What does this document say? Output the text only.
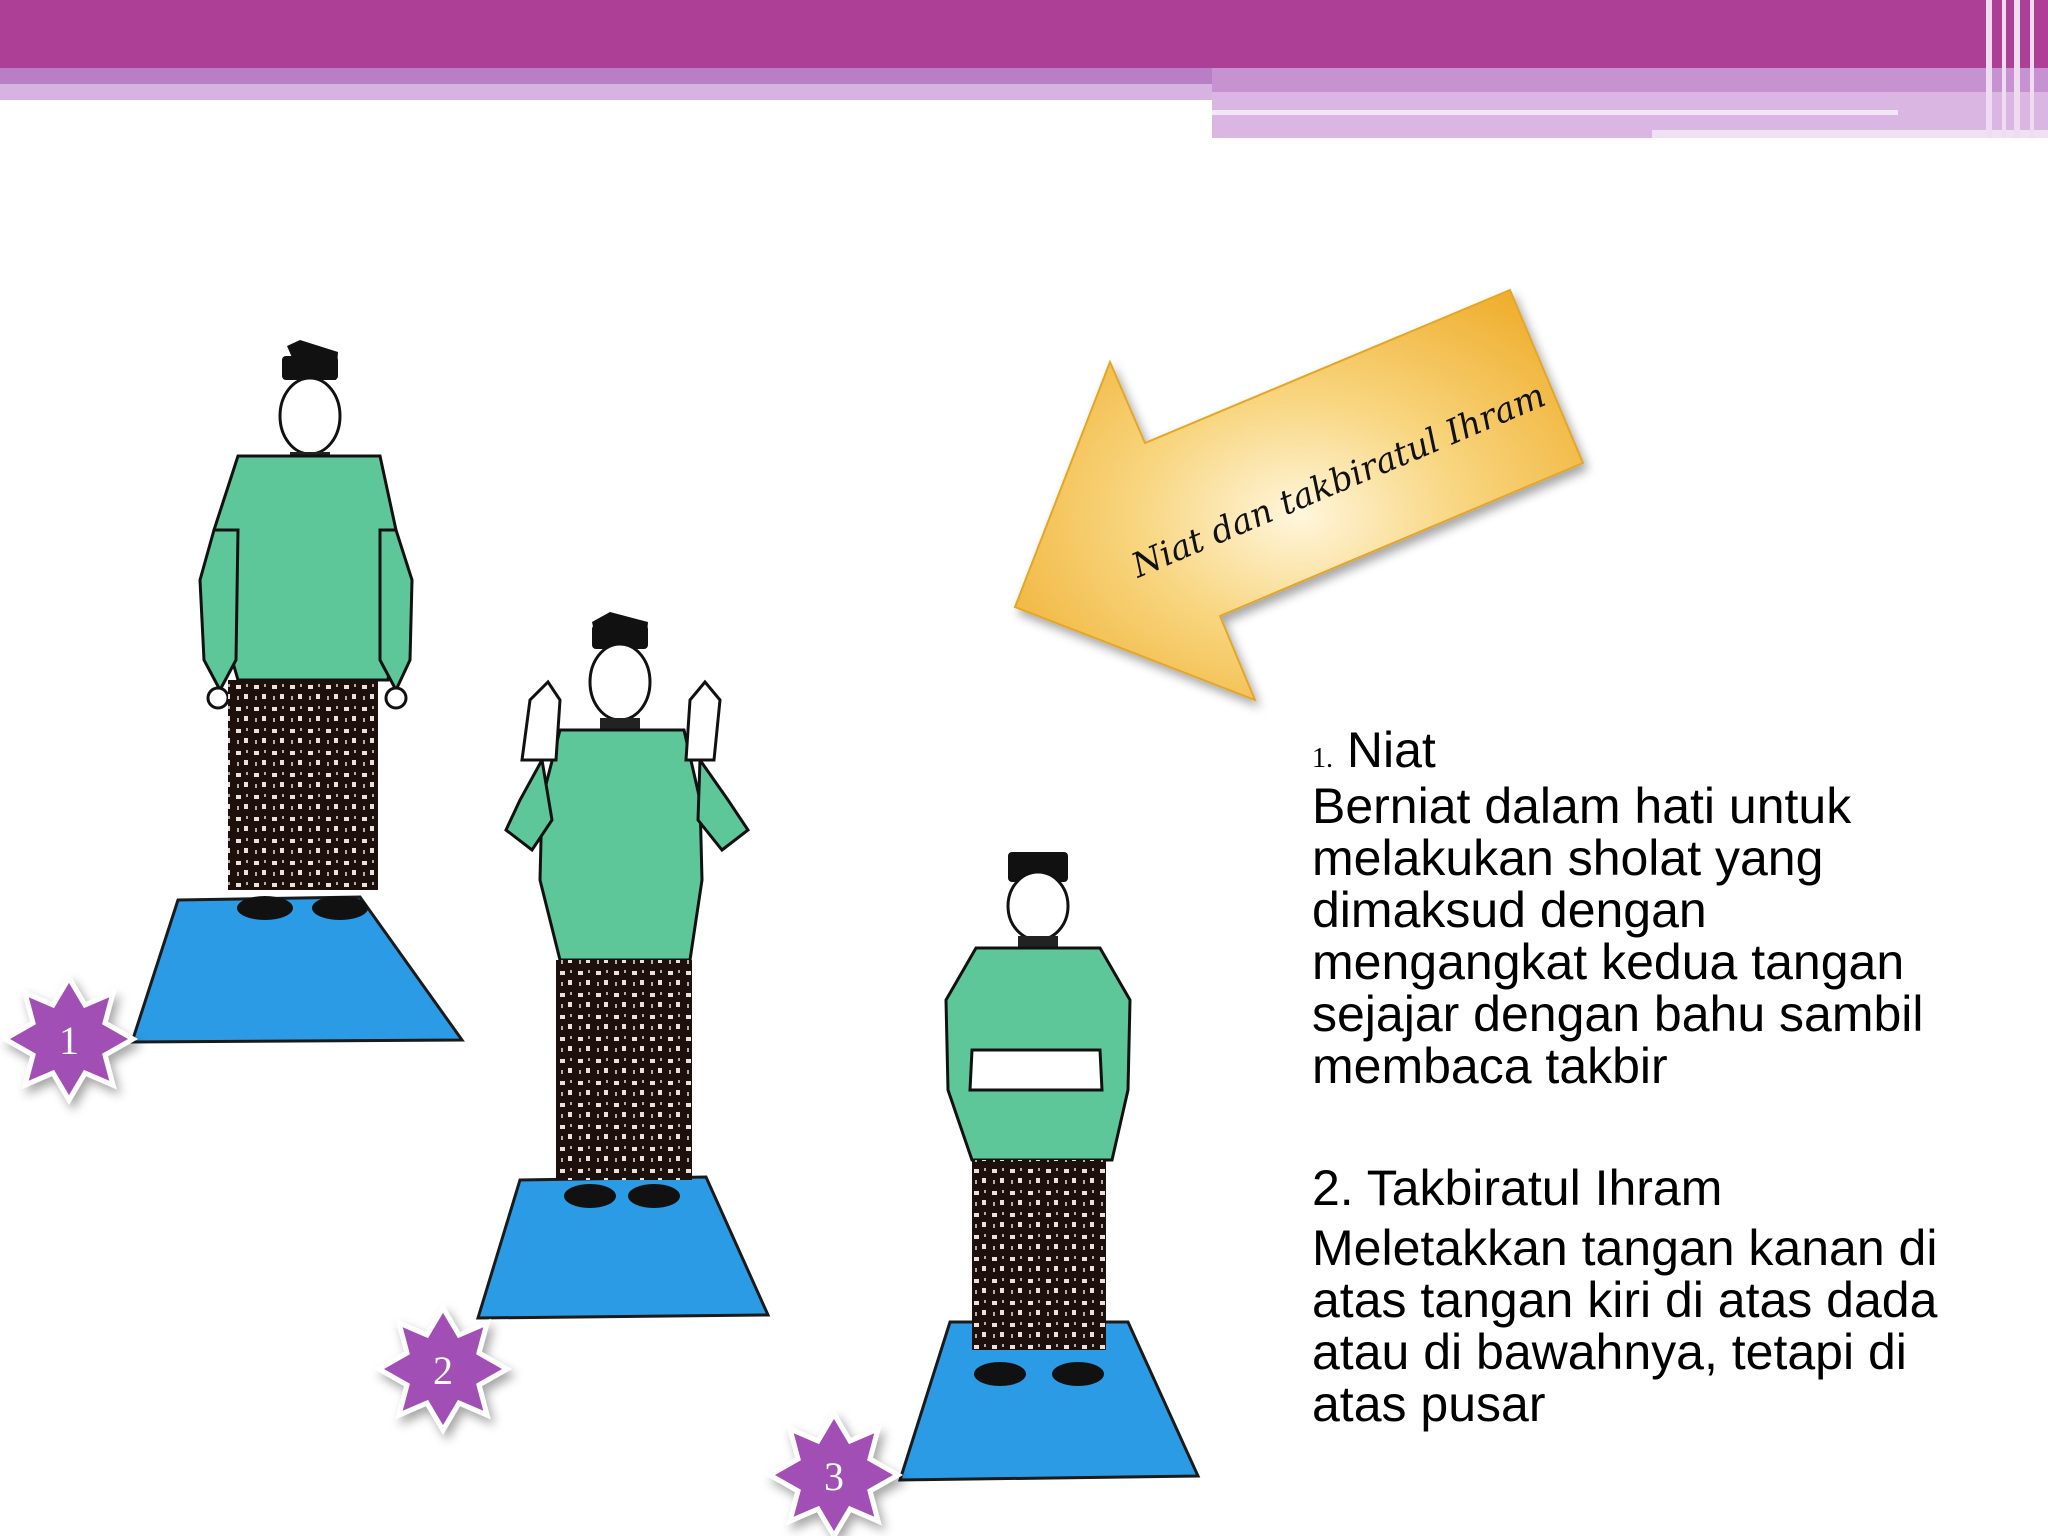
Niat dan takbiratul Ihram
1
2
3
1. Niat
Berniat dalam hati untuk
melakukan sholat yang
dimaksud dengan
mengangkat kedua tangan
sejajar dengan bahu sambil
membaca takbir
2. Takbiratul Ihram
Meletakkan tangan kanan di
atas tangan kiri di atas dada
atau di bawahnya, tetapi di
atas pusar
